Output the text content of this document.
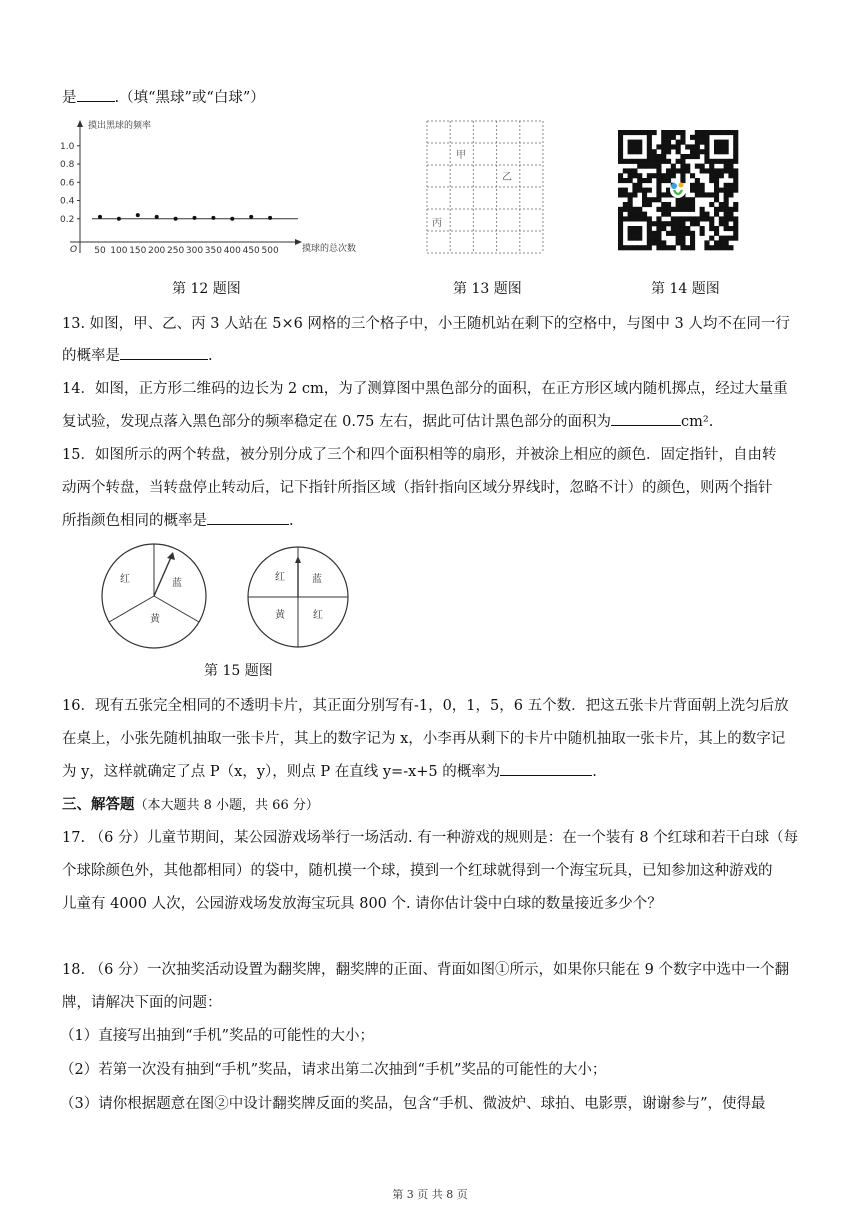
是	.（填“黑球”或“白球”）
摸出黑球的频率
摸球的总次数
O
0.2
0.4
0.6
0.8
1.0
50 100 150 200 250 300 350 400 450 500
甲
乙
丙
第 12 题图	第 13 题图	第 14 题图
13. 如图，甲、乙、丙 3 人站在 5×6 网格的三个格子中，小王随机站在剩下的空格中，与图中 3 人均不在同一行
的概率是	.
14．如图，正方形二维码的边长为 2 cm，为了测算图中黑色部分的面积，在正方形区域内随机掷点，经过大量重
复试验，发现点落入黑色部分的频率稳定在 0.75 左右，据此可估计黑色部分的面积为	cm².
15．如图所示的两个转盘，被分别分成了三个和四个面积相等的扇形，并被涂上相应的颜色．固定指针，自由转
动两个转盘，当转盘停止转动后，记下指针所指区域（指针指向区域分界线时，忽略不计）的颜色，则两个指针
所指颜色相同的概率是	.
红	蓝
黄
红	蓝
黄	红
第 15 题图
16．现有五张完全相同的不透明卡片，其正面分别写有-1，0，1，5，6 五个数．把这五张卡片背面朝上洗匀后放
在桌上，小张先随机抽取一张卡片，其上的数字记为 x，小李再从剩下的卡片中随机抽取一张卡片，其上的数字记
为 y，这样就确定了点 P（x，y），则点 P 在直线 y=-x+5 的概率为	.
三、解答题（本大题共 8 小题，共 66 分）
17. （6 分）儿童节期间，某公园游戏场举行一场活动. 有一种游戏的规则是：在一个装有 8 个红球和若干白球（每
个球除颜色外，其他都相同）的袋中，随机摸一个球，摸到一个红球就得到一个海宝玩具，已知参加这种游戏的
儿童有 4000 人次，公园游戏场发放海宝玩具 800 个. 请你估计袋中白球的数量接近多少个？
18. （6 分）一次抽奖活动设置为翻奖牌，翻奖牌的正面、背面如图①所示，如果你只能在 9 个数字中选中一个翻
牌，请解决下面的问题：
（1）直接写出抽到“手机”奖品的可能性的大小；
（2）若第一次没有抽到“手机”奖品，请求出第二次抽到“手机”奖品的可能性的大小；
（3）请你根据题意在图②中设计翻奖牌反面的奖品，包含“手机、微波炉、球拍、电影票，谢谢参与”，使得最
第 3 页 共 8 页
